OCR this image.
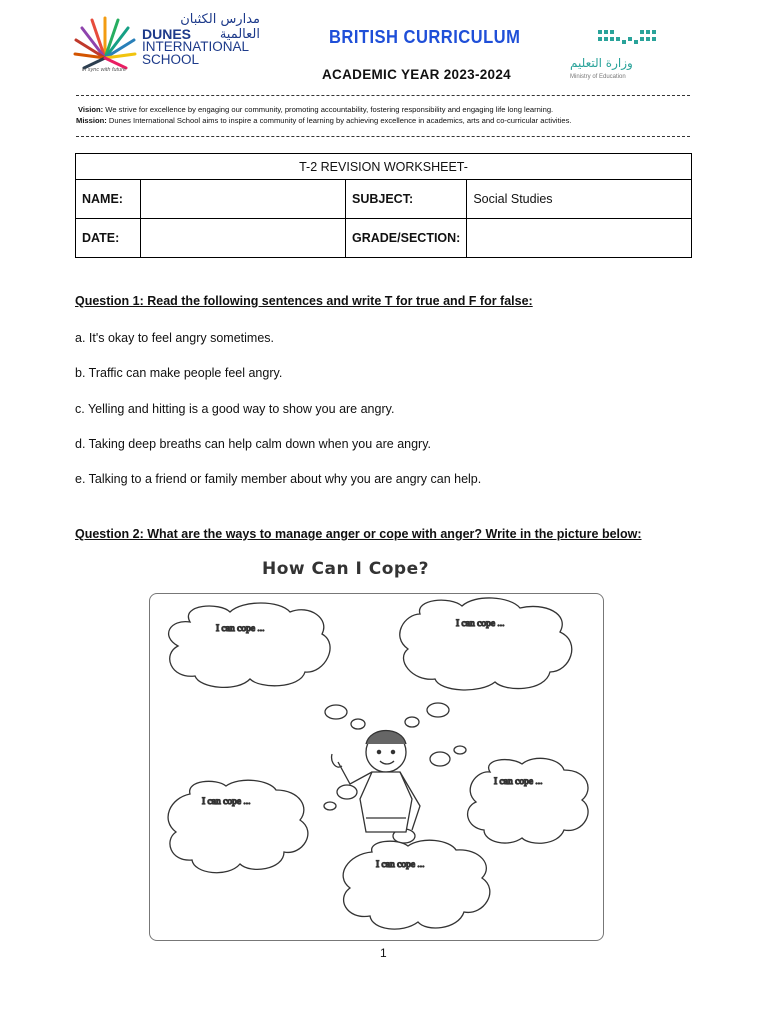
مدارس الكثبان العالمية
DUNES
INTERNATIONAL
SCHOOL
in sync with future
BRITISH CURRICULUM
ACADEMIC YEAR 2023-2024
وزارة التعليم
Ministry of Education
Vision: We strive for excellence by engaging our community, promoting accountability, fostering responsibility and engaging life long learning.
Mission: Dunes International School aims to inspire a community of learning by achieving excellence in academics, arts and co-curricular activities.
T-2 REVISION WORKSHEET-			
NAME:		SUBJECT:	Social Studies
DATE:		GRADE/SECTION:	
Question 1: Read the following sentences and write T for true and F for false:
a. It's okay to feel angry sometimes.
b. Traffic can make people feel angry.
c. Yelling and hitting is a good way to show you are angry.
d. Taking deep breaths can help calm down when you are angry.
e. Talking to a friend or family member about why you are angry can help.
Question 2: What are the ways to manage anger or cope with anger? Write in the picture below:
How Can I Cope?
I can cope ...	I can cope ...
I can cope ...
I can cope ...
I can cope ...
1
